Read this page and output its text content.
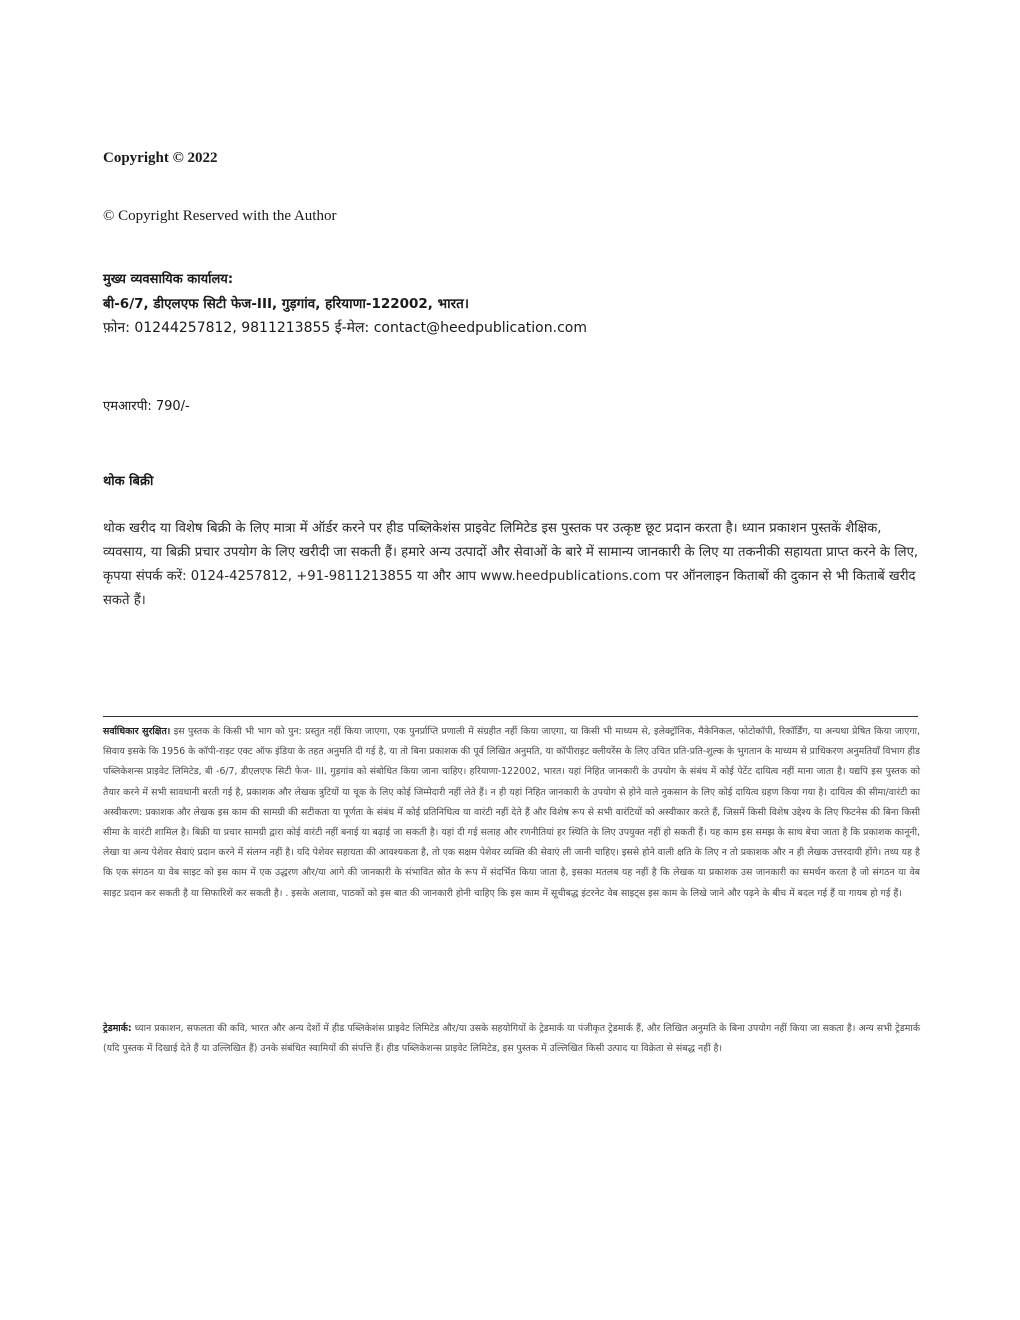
Copyright © 2022
© Copyright Reserved with the Author
मुख्य व्यवसायिक कार्यालय:
बी-6/7, डीएलएफ सिटी फेज-III, गुड़गांव, हरियाणा-122002, भारत।
फ़ोन: 01244257812, 9811213855 ई-मेल: contact@heedpublication.com
एमआरपी: 790/-
थोक बिक्री
थोक खरीद या विशेष बिक्री के लिए मात्रा में ऑर्डर करने पर हीड पब्लिकेशंस प्राइवेट लिमिटेड इस पुस्तक पर उत्कृष्ट छूट प्रदान करता है। ध्यान प्रकाशन पुस्तकें शैक्षिक, व्यवसाय, या बिक्री प्रचार उपयोग के लिए खरीदी जा सकती हैं। हमारे अन्य उत्पादों और सेवाओं के बारे में सामान्य जानकारी के लिए या तकनीकी सहायता प्राप्त करने के लिए, कृपया संपर्क करें: 0124-4257812, +91-9811213855 या और आप www.heedpublications.com पर ऑनलाइन किताबों की दुकान से भी किताबें खरीद सकते हैं।
सर्वाधिकार सुरक्षित। इस पुस्तक के किसी भी भाग को पुन: प्रस्तुत नहीं किया जाएगा, एक पुनर्प्राप्ति प्रणाली में संग्रहीत नहीं किया जाएगा, या किसी भी माध्यम से, इलेक्ट्रॉनिक, मैकेनिकल, फोटोकॉपी, रिकॉर्डिंग, या अन्यथा प्रेषित किया जाएगा, सिवाय इसके कि 1956 के कॉपी-राइट एक्ट ऑफ इंडिया के तहत अनुमति दी गई है, या तो बिना प्रकाशक की पूर्व लिखित अनुमति, या कॉपीराइट क्लीयरेंस के लिए उचित प्रति-प्रति-शुल्क के भुगतान के माध्यम से प्राधिकरण अनुमतियाँ विभाग हीड पब्लिकेशन्स प्राइवेट लिमिटेड, बी -6/7, डीएलएफ सिटी फेज- III, गुड़गांव को संबोधित किया जाना चाहिए। हरियाणा-122002, भारत। यहां निहित जानकारी के उपयोग के संबंध में कोई पेटेंट दायित्व नहीं माना जाता है। यद्यपि इस पुस्तक को तैयार करने में सभी सावधानी बरती गई है, प्रकाशक और लेखक त्रुटियों या चूक के लिए कोई जिम्मेदारी नहीं लेते हैं। न ही यहां निहित जानकारी के उपयोग से होने वाले नुकसान के लिए कोई दायित्व ग्रहण किया गया है। दायित्व की सीमा/वारंटी का अस्वीकरण: प्रकाशक और लेखक इस काम की सामग्री की सटीकता या पूर्णता के संबंध में कोई प्रतिनिधित्व या वारंटी नहीं देते हैं और विशेष रूप से सभी वारंटियों को अस्वीकार करते हैं, जिसमें किसी विशेष उद्देश्य के लिए फिटनेस की बिना किसी सीमा के वारंटी शामिल है। बिक्री या प्रचार सामग्री द्वारा कोई वारंटी नहीं बनाई या बढ़ाई जा सकती है। यहां दी गई सलाह और रणनीतियां हर स्थिति के लिए उपयुक्त नहीं हो सकती हैं। यह काम इस समझ के साथ बेचा जाता है कि प्रकाशक कानूनी, लेखा या अन्य पेशेवर सेवाएं प्रदान करने में संलग्न नहीं है। यदि पेशेवर सहायता की आवश्यकता है, तो एक सक्षम पेशेवर व्यक्ति की सेवाएं ली जानी चाहिए। इससे होने वाली क्षति के लिए न तो प्रकाशक और न ही लेखक उत्तरदायी होंगे। तथ्य यह है कि एक संगठन या वेब साइट को इस काम में एक उद्धरण और/या आगे की जानकारी के संभावित स्रोत के रूप में संदर्भित किया जाता है, इसका मतलब यह नहीं है कि लेखक या प्रकाशक उस जानकारी का समर्थन करता है जो संगठन या वेब साइट प्रदान कर सकती है या सिफारिशें कर सकती है। . इसके अलावा, पाठकों को इस बात की जानकारी होनी चाहिए कि इस काम में सूचीबद्ध इंटरनेट वेब साइट्स इस काम के लिखे जाने और पढ़ने के बीच में बदल गई हैं या गायब हो गई हैं।
ट्रेडमार्क: ध्यान प्रकाशन, सफलता की कवि, भारत और अन्य देशों में हीड पब्लिकेशंस प्राइवेट लिमिटेड और/या उसके सहयोगियों के ट्रेडमार्क या पंजीकृत ट्रेडमार्क हैं, और लिखित अनुमति के बिना उपयोग नहीं किया जा सकता है। अन्य सभी ट्रेडमार्क (यदि पुस्तक में दिखाई देते हैं या उल्लिखित हैं) उनके संबंधित स्वामियों की संपत्ति हैं। हीड पब्लिकेशन्स प्राइवेट लिमिटेड, इस पुस्तक में उल्लिखित किसी उत्पाद या विक्रेता से संबद्ध नहीं है।
